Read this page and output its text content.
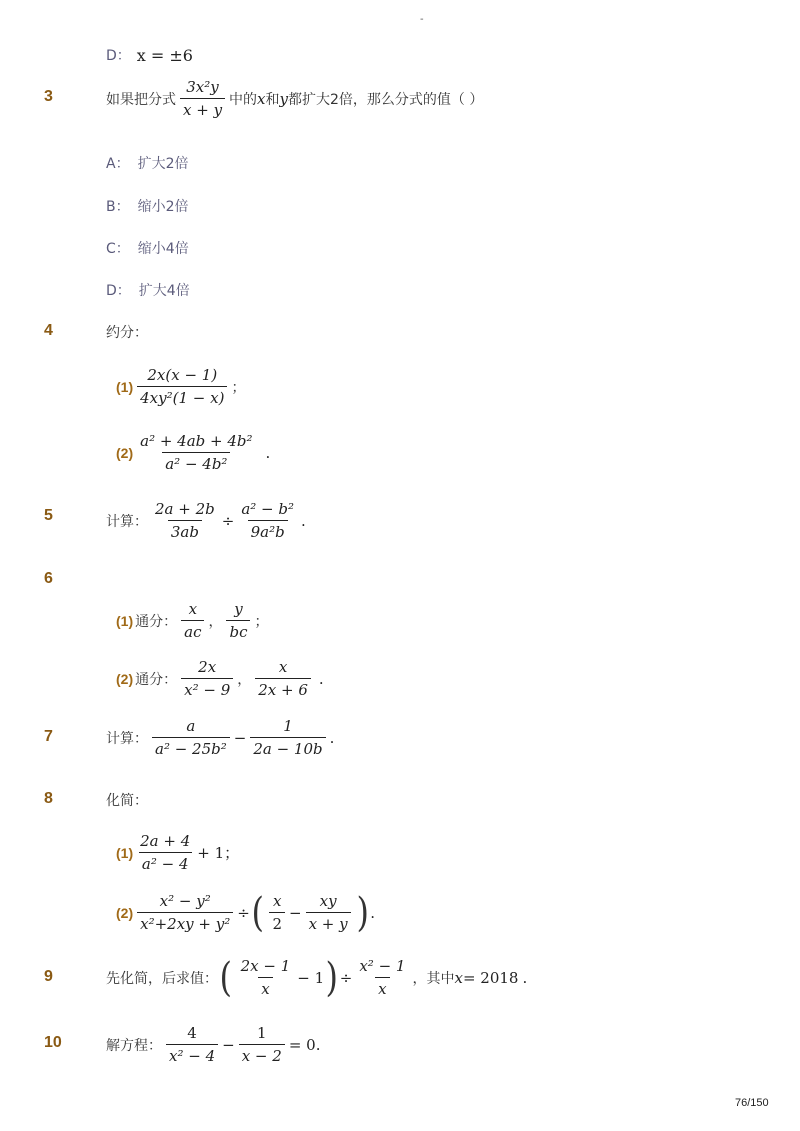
-
D： x = ±6
3	如果把分式 $\frac{\text{3x²y}}{x + y}$ 中的 x 和 y 都扩大2倍，那么分式的值（ ）
A： 扩大2倍
B： 缩小2倍
C： 缩小4倍
D： 扩大4倍
4	约分：
$(1) \frac{2x(x - 1)}{\text{4xy²(1 − x)}}$ ；
$(2) \frac{\text{a² + 4ab + 4b²}}{\text{a² − 4b²}}$ .
5	计算： $\frac{2a + 2b}{3ab} \div \frac{\text{a² − b²}}{\text{9a²b}}$ .
6
(1) 通分： $\frac{x}{ac}$ ， $\frac{y}{bc}$ ；
(2) 通分： $\frac{2x}{\text{x² − 9}}$ ， $\frac{x}{2x + 6}$ .
7	计算： $\frac{a}{\text{a² − 25b²}} - \frac{1}{2a - 10b}$ .
8	化简：
$(1) \frac{2a + 4}{\text{a² − 4}} + 1$；
$(2) \frac{\text{x² − y²}}{\text{x²+2xy + y²}}$ ÷ ( $\frac{x}{2} - \frac{xy}{x + y}$ ) .
9	先化简，后求值： ( $\frac{2x - 1}{x} - 1$ ) ÷ $\frac{\text{x² − 1}}{x}$ ，其中 x = 2018 .
10	解方程： $\frac{4}{\text{x² − 4}} - \frac{1}{x - 2} = 0$.
76/150
